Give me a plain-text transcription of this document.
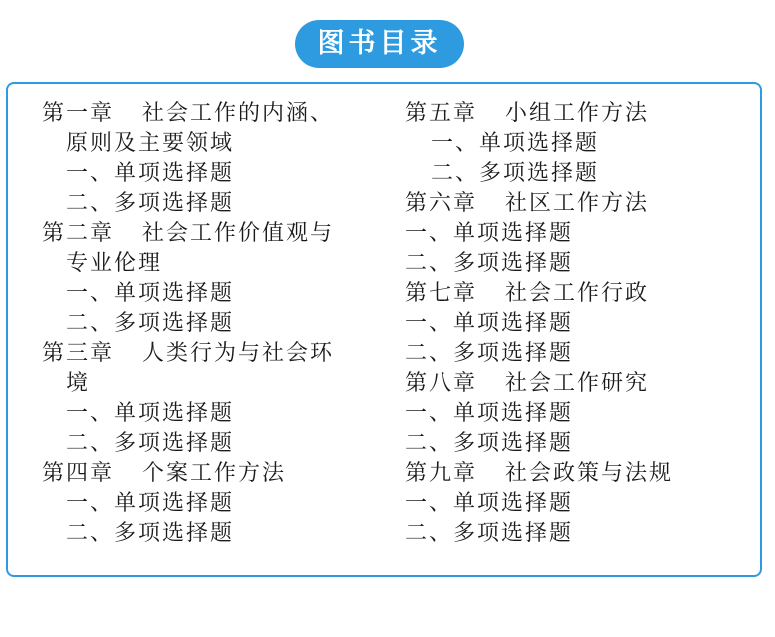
图书目录
第一章 社会工作的内涵、
原则及主要领域
一、单项选择题
二、多项选择题
第二章 社会工作价值观与
专业伦理
一、单项选择题
二、多项选择题
第三章 人类行为与社会环
境
一、单项选择题
二、多项选择题
第四章 个案工作方法
一、单项选择题
二、多项选择题
第五章 小组工作方法
一、单项选择题
二、多项选择题
第六章 社区工作方法
一、单项选择题
二、多项选择题
第七章 社会工作行政
一、单项选择题
二、多项选择题
第八章 社会工作研究
一、单项选择题
二、多项选择题
第九章 社会政策与法规
一、单项选择题
二、多项选择题
